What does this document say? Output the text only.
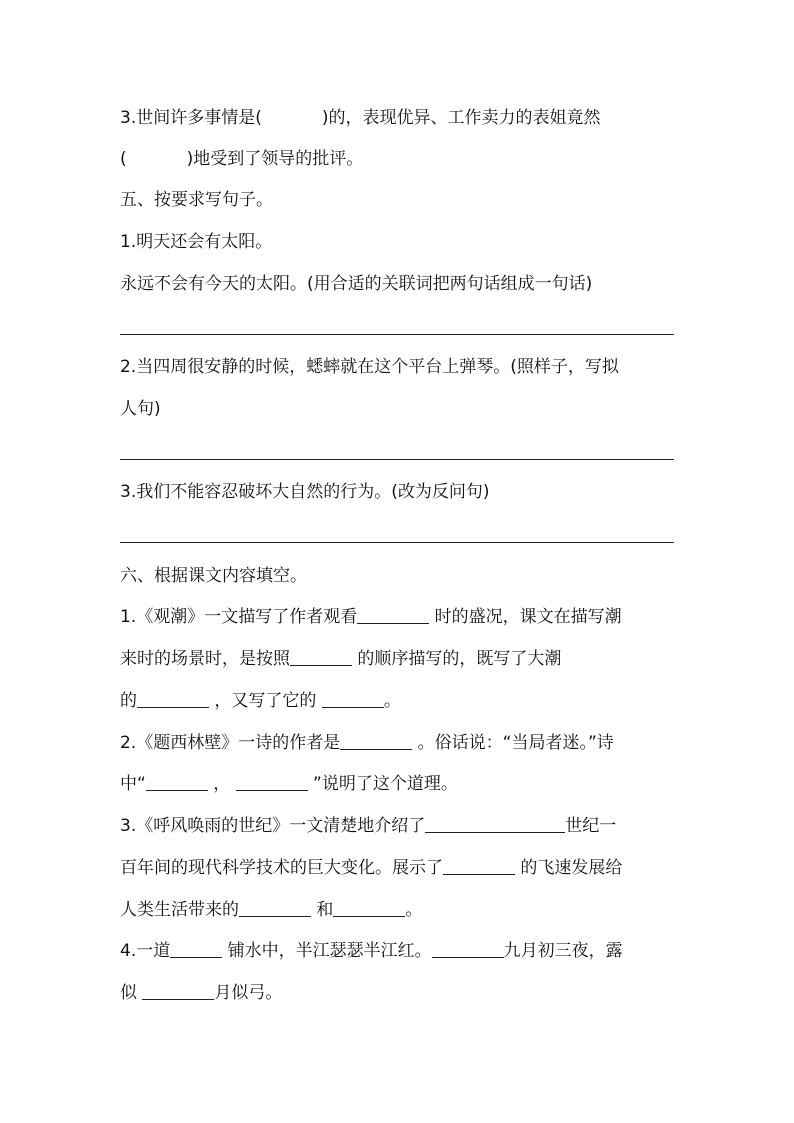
3.世间许多事情是(	)的，表现优异、工作卖力的表姐竟然
(	)地受到了领导的批评。
五、按要求写句子。
1.明天还会有太阳。
永远不会有今天的太阳。(用合适的关联词把两句话组成一句话)
2.当四周很安静的时候，蟋蟀就在这个平台上弹琴。(照样子，写拟
人句)
3.我们不能容忍破坏大自然的行为。(改为反问句)
六、根据课文内容填空。
1.《观潮》一文描写了作者观看	时的盛况，课文在描写潮
来时的场景时，是按照	的顺序描写的，既写了大潮
的	，又写了它的	。
2.《题西林壁》一诗的作者是	。俗话说：“当局者迷。”诗
中“	，	”说明了这个道理。
3.《呼风唤雨的世纪》一文清楚地介绍了	世纪一
百年间的现代科学技术的巨大变化。展示了	的飞速发展给
人类生活带来的	和	。
4.一道	铺水中，半江瑟瑟半江红。	九月初三夜，露
似	月似弓。
